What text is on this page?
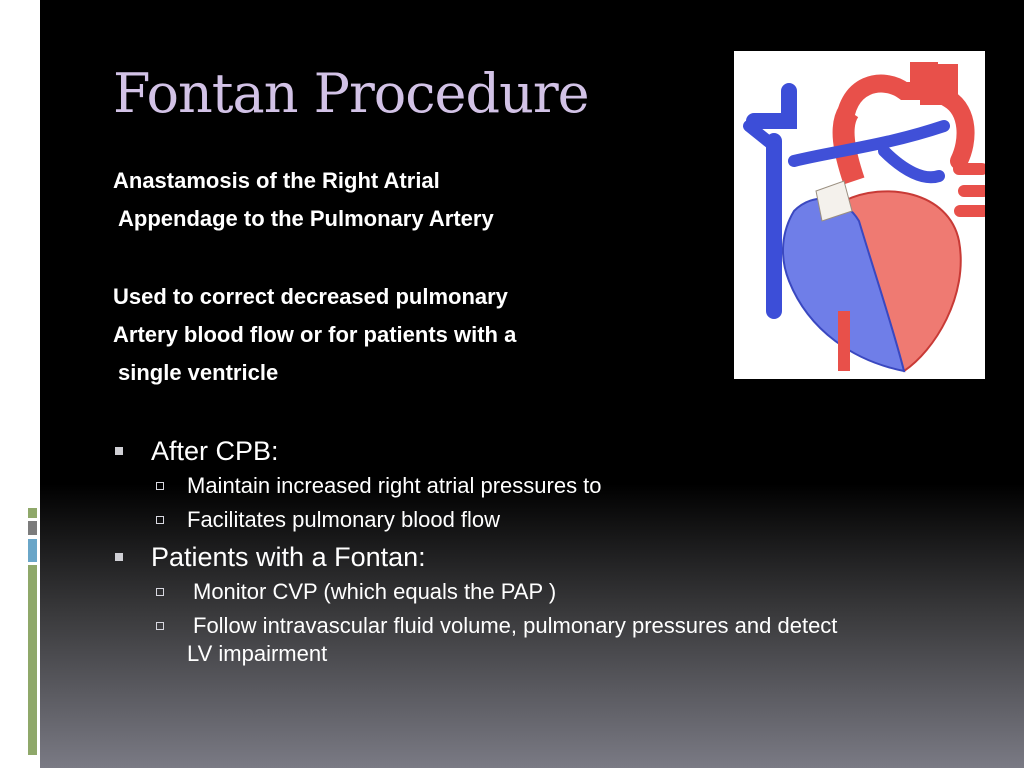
Fontan Procedure

Anastamosis of the Right Atrial

Appendage to the Pulmonary Artery

Used to correct decreased pulmonary

Artery blood flow or for patients with a

single ventricle

After CPB:
Maintain increased right atrial pressures to
Facilitates pulmonary blood flow
Patients with a Fontan:
Monitor CVP (which equals the PAP )
Follow intravascular fluid volume, pulmonary pressures and detect
LV impairment
